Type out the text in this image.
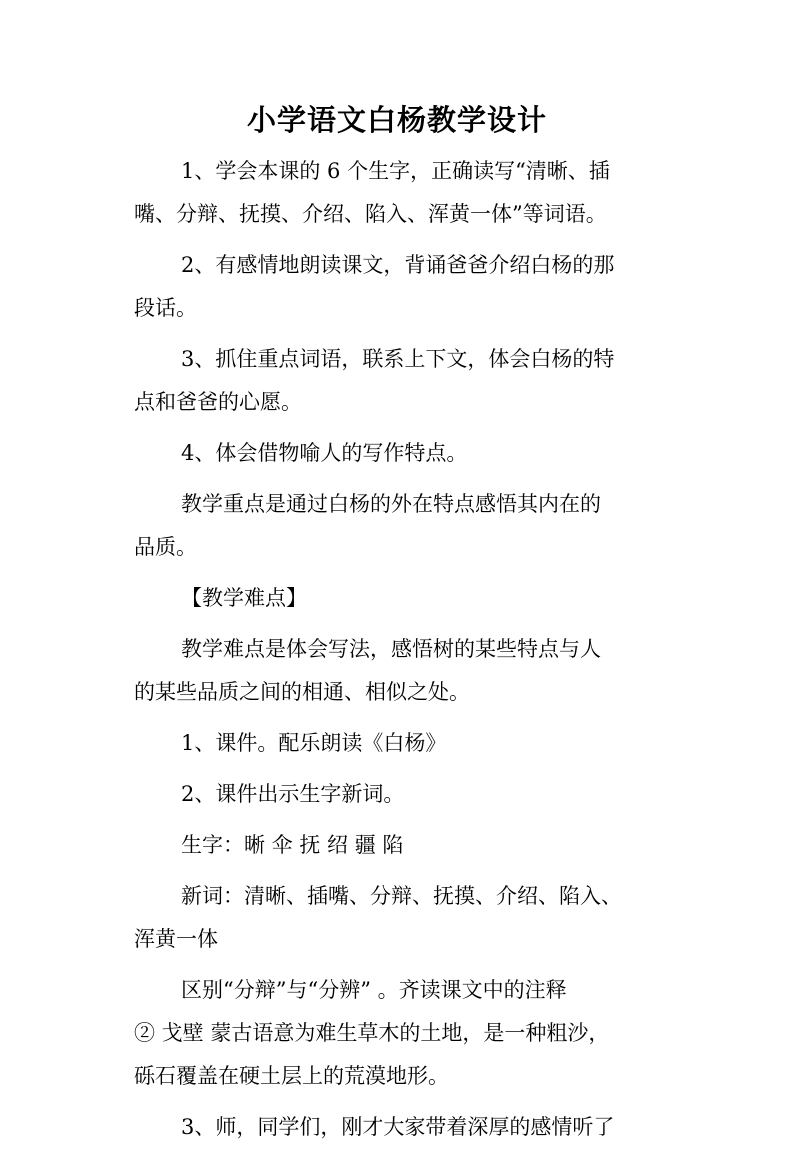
小学语文白杨教学设计
1、学会本课的 6 个生字，正确读写“清晰、插
嘴、分辩、抚摸、介绍、陷入、浑黄一体”等词语。
2、有感情地朗读课文，背诵爸爸介绍白杨的那
段话。
3、抓住重点词语，联系上下文，体会白杨的特
点和爸爸的心愿。
4、体会借物喻人的写作特点。
教学重点是通过白杨的外在特点感悟其内在的
品质。
【教学难点】
教学难点是体会写法，感悟树的某些特点与人
的某些品质之间的相通、相似之处。
1、课件。配乐朗读《白杨》
2、课件出示生字新词。
生字：晰 伞 抚 绍 疆 陷
新词：清晰、插嘴、分辩、抚摸、介绍、陷入、
浑黄一体
区别“分辩”与“分辨” 。齐读课文中的注释
② 戈壁 蒙古语意为难生草木的土地，是一种粗沙，
砾石覆盖在硬土层上的荒漠地形。
3、师，同学们，刚才大家带着深厚的感情听了
